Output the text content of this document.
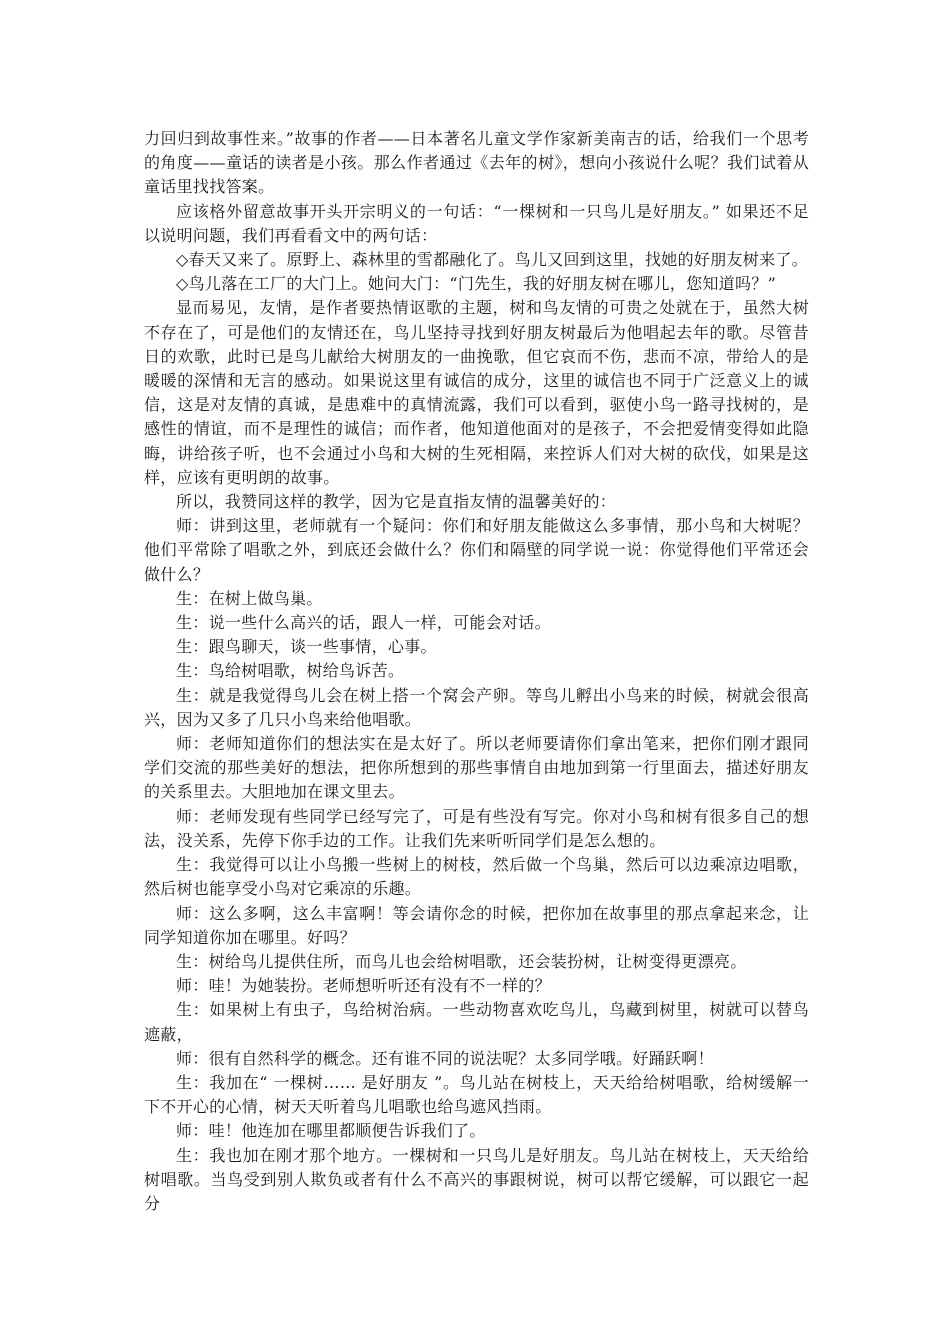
力回归到故事性来。”故事的作者——日本著名儿童文学作家新美南吉的话，给我们一个思考的角度——童话的读者是小孩。那么作者通过《去年的树》，想向小孩说什么呢？我们试着从童话里找找答案。

应该格外留意故事开头开宗明义的一句话：“一棵树和一只鸟儿是好朋友。” 如果还不足以说明问题，我们再看看文中的两句话：

◇春天又来了。原野上、森林里的雪都融化了。鸟儿又回到这里，找她的好朋友树来了。

◇鸟儿落在工厂的大门上。她问大门：“门先生，我的好朋友树在哪儿，您知道吗？”

显而易见，友情，是作者要热情讴歌的主题，树和鸟友情的可贵之处就在于，虽然大树不存在了，可是他们的友情还在，鸟儿坚持寻找到好朋友树最后为他唱起去年的歌。尽管昔日的欢歌，此时已是鸟儿献给大树朋友的一曲挽歌，但它哀而不伤，悲而不凉，带给人的是暖暖的深情和无言的感动。如果说这里有诚信的成分，这里的诚信也不同于广泛意义上的诚信，这是对友情的真诚，是患难中的真情流露，我们可以看到，驱使小鸟一路寻找树的，是感性的情谊，而不是理性的诚信；而作者，他知道他面对的是孩子，不会把爱情变得如此隐晦，讲给孩子听，也不会通过小鸟和大树的生死相隔，来控诉人们对大树的砍伐，如果是这样，应该有更明朗的故事。

所以，我赞同这样的教学，因为它是直指友情的温馨美好的：

师：讲到这里，老师就有一个疑问：你们和好朋友能做这么多事情，那小鸟和大树呢？他们平常除了唱歌之外，到底还会做什么？你们和隔壁的同学说一说：你觉得他们平常还会做什么？

生：在树上做鸟巢。

生：说一些什么高兴的话，跟人一样，可能会对话。

生：跟鸟聊天，谈一些事情，心事。

生：鸟给树唱歌，树给鸟诉苦。

生：就是我觉得鸟儿会在树上搭一个窝会产卵。等鸟儿孵出小鸟来的时候，树就会很高兴，因为又多了几只小鸟来给他唱歌。

师：老师知道你们的想法实在是太好了。所以老师要请你们拿出笔来，把你们刚才跟同学们交流的那些美好的想法，把你所想到的那些事情自由地加到第一行里面去，描述好朋友的关系里去。大胆地加在课文里去。

师：老师发现有些同学已经写完了，可是有些没有写完。你对小鸟和树有很多自己的想法，没关系，先停下你手边的工作。让我们先来听听同学们是怎么想的。

生：我觉得可以让小鸟搬一些树上的树枝，然后做一个鸟巢，然后可以边乘凉边唱歌，然后树也能享受小鸟对它乘凉的乐趣。

师：这么多啊，这么丰富啊！等会请你念的时候，把你加在故事里的那点拿起来念，让同学知道你加在哪里。好吗？

生：树给鸟儿提供住所，而鸟儿也会给树唱歌，还会装扮树，让树变得更漂亮。

师：哇！为她装扮。老师想听听还有没有不一样的？

生：如果树上有虫子，鸟给树治病。一些动物喜欢吃鸟儿，鸟藏到树里，树就可以替鸟遮蔽，

师：很有自然科学的概念。还有谁不同的说法呢？太多同学哦。好踊跃啊！

生：我加在“ 一棵树…… 是好朋友 ”。鸟儿站在树枝上，天天给给树唱歌，给树缓解一下不开心的心情，树天天听着鸟儿唱歌也给鸟遮风挡雨。

师：哇！他连加在哪里都顺便告诉我们了。

生：我也加在刚才那个地方。一棵树和一只鸟儿是好朋友。鸟儿站在树枝上，天天给给树唱歌。当鸟受到别人欺负或者有什么不高兴的事跟树说，树可以帮它缓解，可以跟它一起分
